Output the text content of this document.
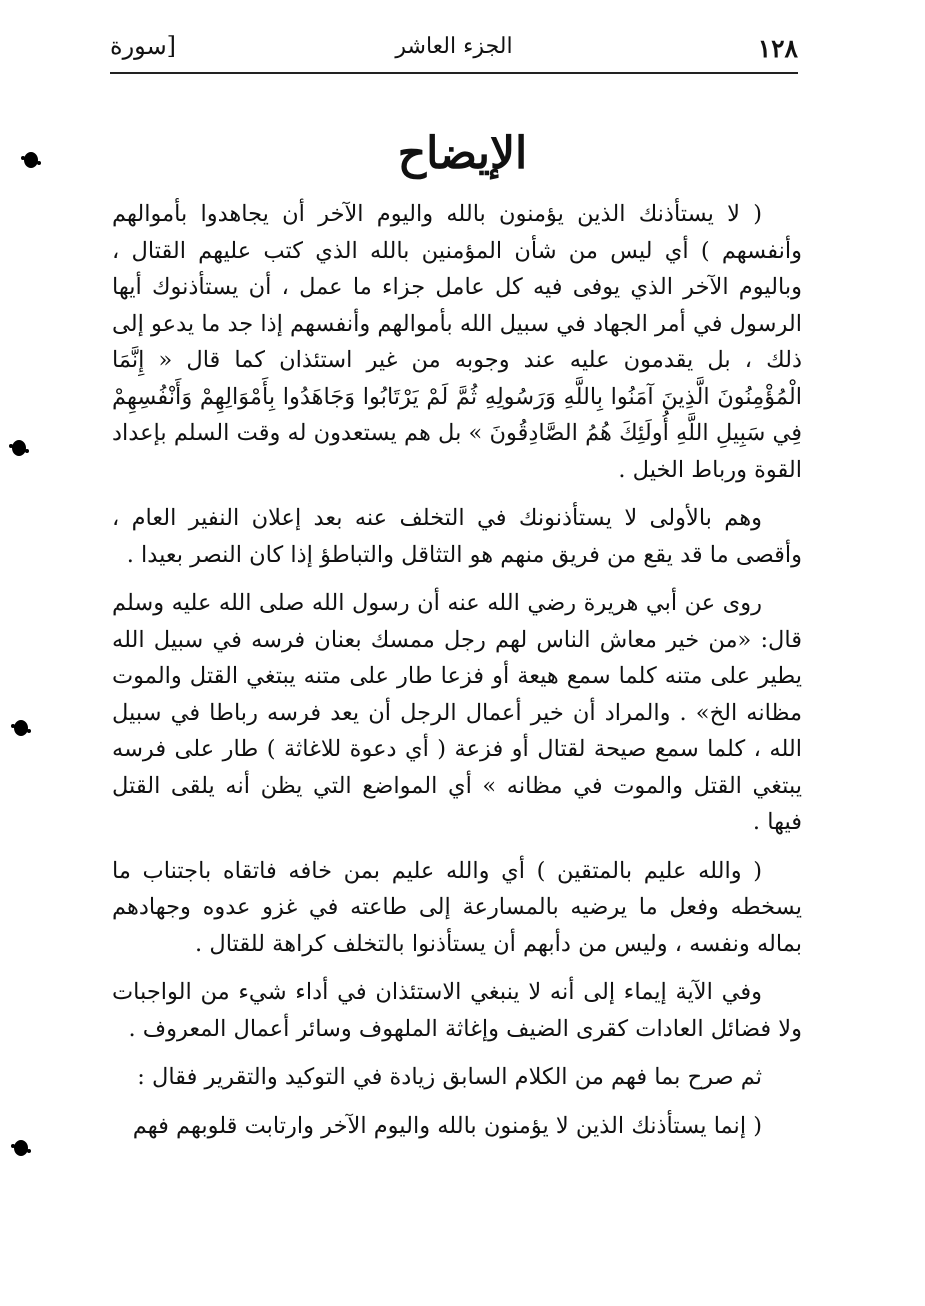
١٢٨
الجزء العاشر
[سورة
الإيضاح

( لا يستأذنك الذين يؤمنون بالله واليوم الآخر أن يجاهدوا بأموالهم وأنفسهم ) أي ليس من شأن المؤمنين بالله الذي كتب عليهم القتال ، وباليوم الآخر الذي يوفى فيه كل عامل جزاء ما عمل ، أن يستأذنوك أيها الرسول في أمر الجهاد في سبيل الله بأموالهم وأنفسهم إذا جد ما يدعو إلى ذلك ، بل يقدمون عليه عند وجوبه من غير استئذان كما قال « إِنَّمَا الْمُؤْمِنُونَ الَّذِينَ آمَنُوا بِاللَّهِ وَرَسُولِهِ ثُمَّ لَمْ يَرْتَابُوا وَجَاهَدُوا بِأَمْوَالِهِمْ وَأَنْفُسِهِمْ فِي سَبِيلِ اللَّهِ أُولَئِكَ هُمُ الصَّادِقُونَ » بل هم يستعدون له وقت السلم بإعداد القوة ورباط الخيل .

وهم بالأولى لا يستأذنونك في التخلف عنه بعد إعلان النفير العام ، وأقصى ما قد يقع من فريق منهم هو التثاقل والتباطؤ إذا كان النصر بعيدا .

روى عن أبي هريرة رضي الله عنه أن رسول الله صلى الله عليه وسلم قال: «من خير معاش الناس لهم رجل ممسك بعنان فرسه في سبيل الله يطير على متنه كلما سمع هيعة أو فزعا طار على متنه يبتغي القتل والموت مظانه الخ» . والمراد أن خير أعمال الرجل أن يعد فرسه رباطا في سبيل الله ، كلما سمع صيحة لقتال أو فزعة ( أي دعوة للاغاثة ) طار على فرسه يبتغي القتل والموت في مظانه » أي المواضع التي يظن أنه يلقى القتل فيها .

( والله عليم بالمتقين ) أي والله عليم بمن خافه فاتقاه باجتناب ما يسخطه وفعل ما يرضيه بالمسارعة إلى طاعته في غزو عدوه وجهادهم بماله ونفسه ، وليس من دأبهم أن يستأذنوا بالتخلف كراهة للقتال .

وفي الآية إيماء إلى أنه لا ينبغي الاستئذان في أداء شيء من الواجبات ولا فضائل العادات كقرى الضيف وإغاثة الملهوف وسائر أعمال المعروف .

ثم صرح بما فهم من الكلام السابق زيادة في التوكيد والتقرير فقال :

( إنما يستأذنك الذين لا يؤمنون بالله واليوم الآخر وارتابت قلوبهم فهم
